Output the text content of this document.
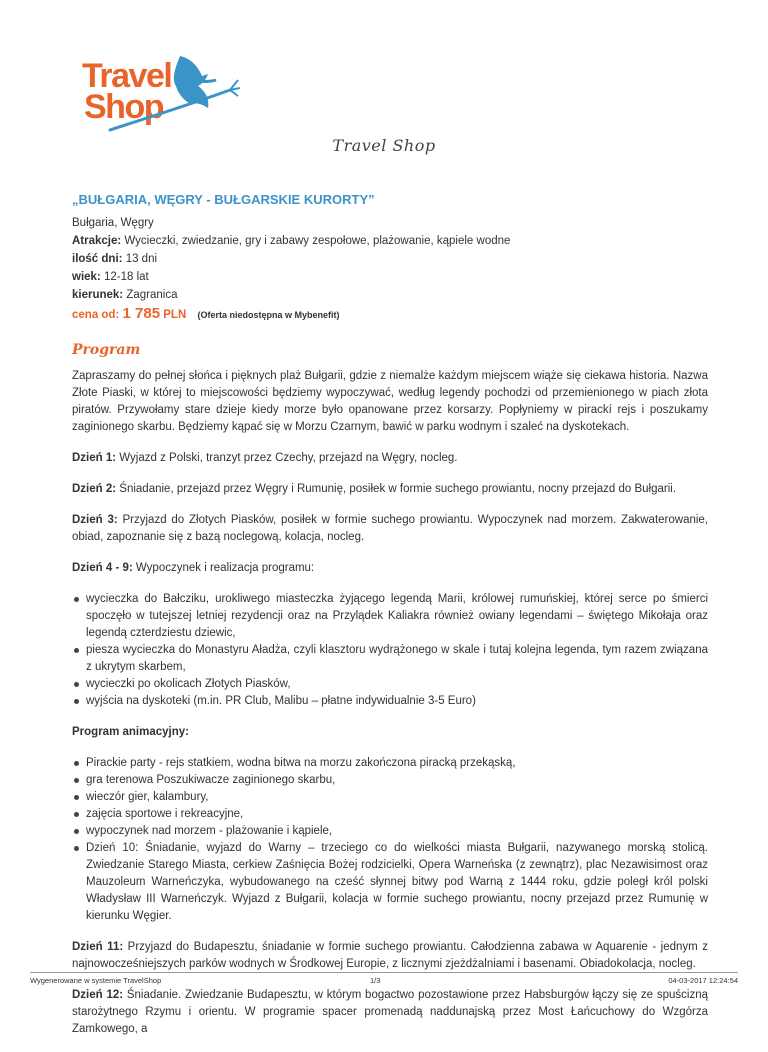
Travel
Shop
Travel Shop
„BUŁGARIA, WĘGRY - BUŁGARSKIE KURORTY”
Bułgaria, Węgry
Atrakcje: Wycieczki, zwiedzanie, gry i zabawy zespołowe, plażowanie, kąpiele wodne
ilość dni: 13 dni
wiek: 12-18 lat
kierunek: Zagranica
cena od: 1 785 PLN (Oferta niedostępna w Mybenefit)
Program

Zapraszamy do pełnej słońca i pięknych plaż Bułgarii, gdzie z niemalże każdym miejscem wiąże się ciekawa historia. Nazwa Złote Piaski, w której to miejscowości będziemy wypoczywać, według legendy pochodzi od przemienionego w piach złota piratów. Przywołamy stare dzieje kiedy morze było opanowane przez korsarzy. Popłyniemy w pirackí rejs i poszukamy zaginionego skarbu. Będziemy kąpać się w Morzu Czarnym, bawić w parku wodnym i szaleć na dyskotekach.

Dzień 1: Wyjazd z Polski, tranzyt przez Czechy, przejazd na Węgry, nocleg.

Dzień 2: Śniadanie, przejazd przez Węgry i Rumunię, posiłek w formie suchego prowiantu, nocny przejazd do Bułgarii.

Dzień 3: Przyjazd do Złotych Piasków, posiłek w formie suchego prowiantu. Wypoczynek nad morzem. Zakwaterowanie, obiad, zapoznanie się z bazą noclegową, kolacja, nocleg.

Dzień 4 - 9: Wypoczynek i realizacja programu:

wycieczka do Bałcziku, urokliwego miasteczka żyjącego legendą Marii, królowej rumuńskiej, której serce po śmierci spoczęło w tutejszej letniej rezydencji oraz na Przylądek Kaliakra również owiany legendami – świętego Mikołaja oraz legendą czterdziestu dziewic,
piesza wycieczka do Monastyru Aładża, czyli klasztoru wydrążonego w skale i tutaj kolejna legenda, tym razem związana z ukrytym skarbem,
wycieczki po okolicach Złotych Piasków,
wyjścia na dyskoteki (m.in. PR Club, Malibu – płatne indywidualnie 3-5 Euro)

Program animacyjny:

Pirackie party - rejs statkiem, wodna bitwa na morzu zakończona piracką przekąską,
gra terenowa Poszukiwacze zaginionego skarbu,
wieczór gier, kalambury,
zajęcia sportowe i rekreacyjne,
wypoczynek nad morzem - plażowanie i kąpiele,
Dzień 10: Śniadanie, wyjazd do Warny – trzeciego co do wielkości miasta Bułgarii, nazywanego morską stolicą. Zwiedzanie Starego Miasta, cerkiew Zaśnięcia Bożej rodzicielki, Opera Warneńska (z zewnątrz), plac Nezawisimost oraz Mauzoleum Warneńczyka, wybudowanego na cześć słynnej bitwy pod Warną z 1444 roku, gdzie poległ król polski Władysław III Warneńczyk. Wyjazd z Bułgarii, kolacja w formie suchego prowiantu, nocny przejazd przez Rumunię w kierunku Węgier.

Dzień 11: Przyjazd do Budapesztu, śniadanie w formie suchego prowiantu. Całodzienna zabawa w Aquarenie - jednym z najnowocześniejszych parków wodnych w Środkowej Europie, z licznymi zjeżdżalniami i basenami. Obiadokolacja, nocleg.

Dzień 12: Śniadanie. Zwiedzanie Budapesztu, w którym bogactwo pozostawione przez Habsburgów łączy się ze spuścizną starożytnego Rzymu i orientu. W programie spacer promenadą naddunajską przez Most Łańcuchowy do Wzgórza Zamkowego, a

Wygenerowane w systemie TravelShop	1/3	04-03-2017 12:24:54
